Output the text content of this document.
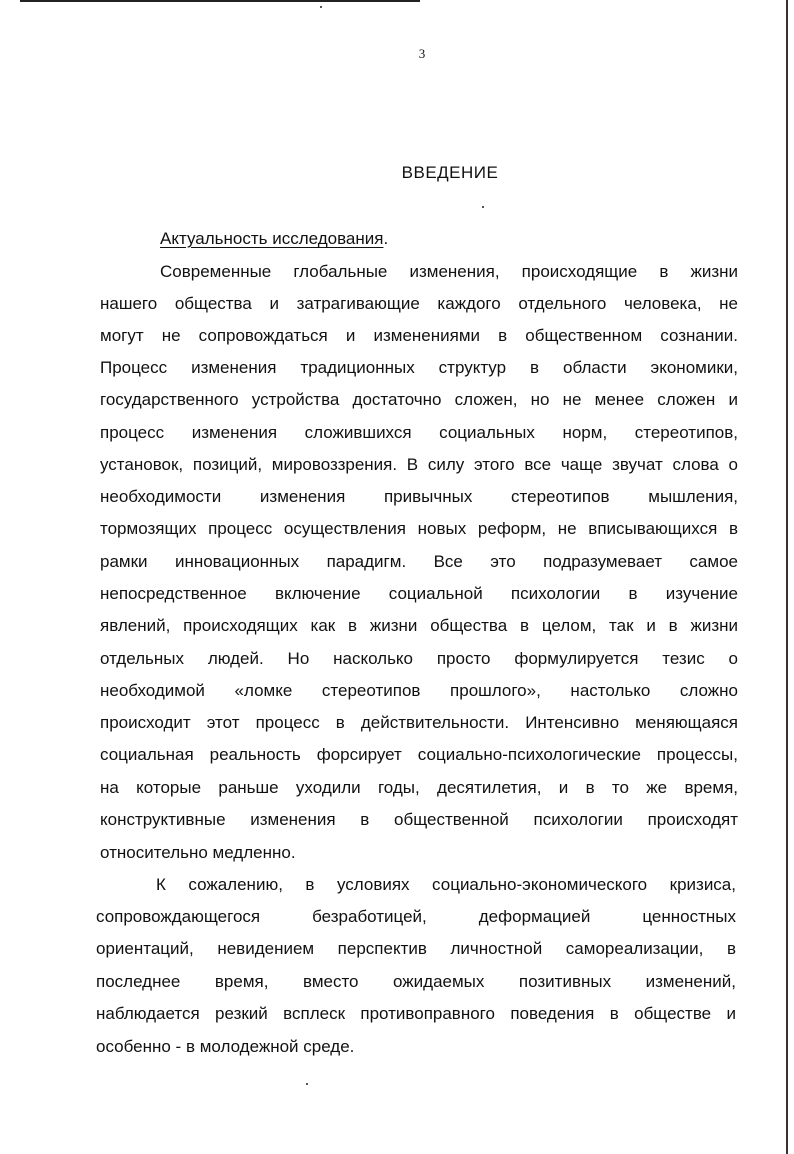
3
ВВЕДЕНИЕ
Актуальность исследования.
Современные глобальные изменения, происходящие в жизни
нашего общества и затрагивающие каждого отдельного человека, не
могут не сопровождаться и изменениями в общественном сознании.
Процесс изменения традиционных структур в области экономики,
государственного устройства достаточно сложен, но не менее сложен и
процесс изменения сложившихся социальных норм, стереотипов,
установок, позиций, мировоззрения. В силу этого все чаще звучат слова о
необходимости изменения привычных стереотипов мышления,
тормозящих процесс осуществления новых реформ, не вписывающихся в
рамки инновационных парадигм. Все это подразумевает самое
непосредственное включение социальной психологии в изучение
явлений, происходящих как в жизни общества в целом, так и в жизни
отдельных людей. Но насколько просто формулируется тезис о
необходимой «ломке стереотипов прошлого», настолько сложно
происходит этот процесс в действительности. Интенсивно меняющаяся
социальная реальность форсирует социально-психологические процессы,
на которые раньше уходили годы, десятилетия, и в то же время,
конструктивные изменения в общественной психологии происходят
относительно медленно.
К сожалению, в условиях социально-экономического кризиса,
сопровождающегося безработицей, деформацией ценностных
ориентаций, невидением перспектив личностной самореализации, в
последнее время, вместо ожидаемых позитивных изменений,
наблюдается резкий всплеск противоправного поведения в обществе и
особенно - в молодежной среде.
